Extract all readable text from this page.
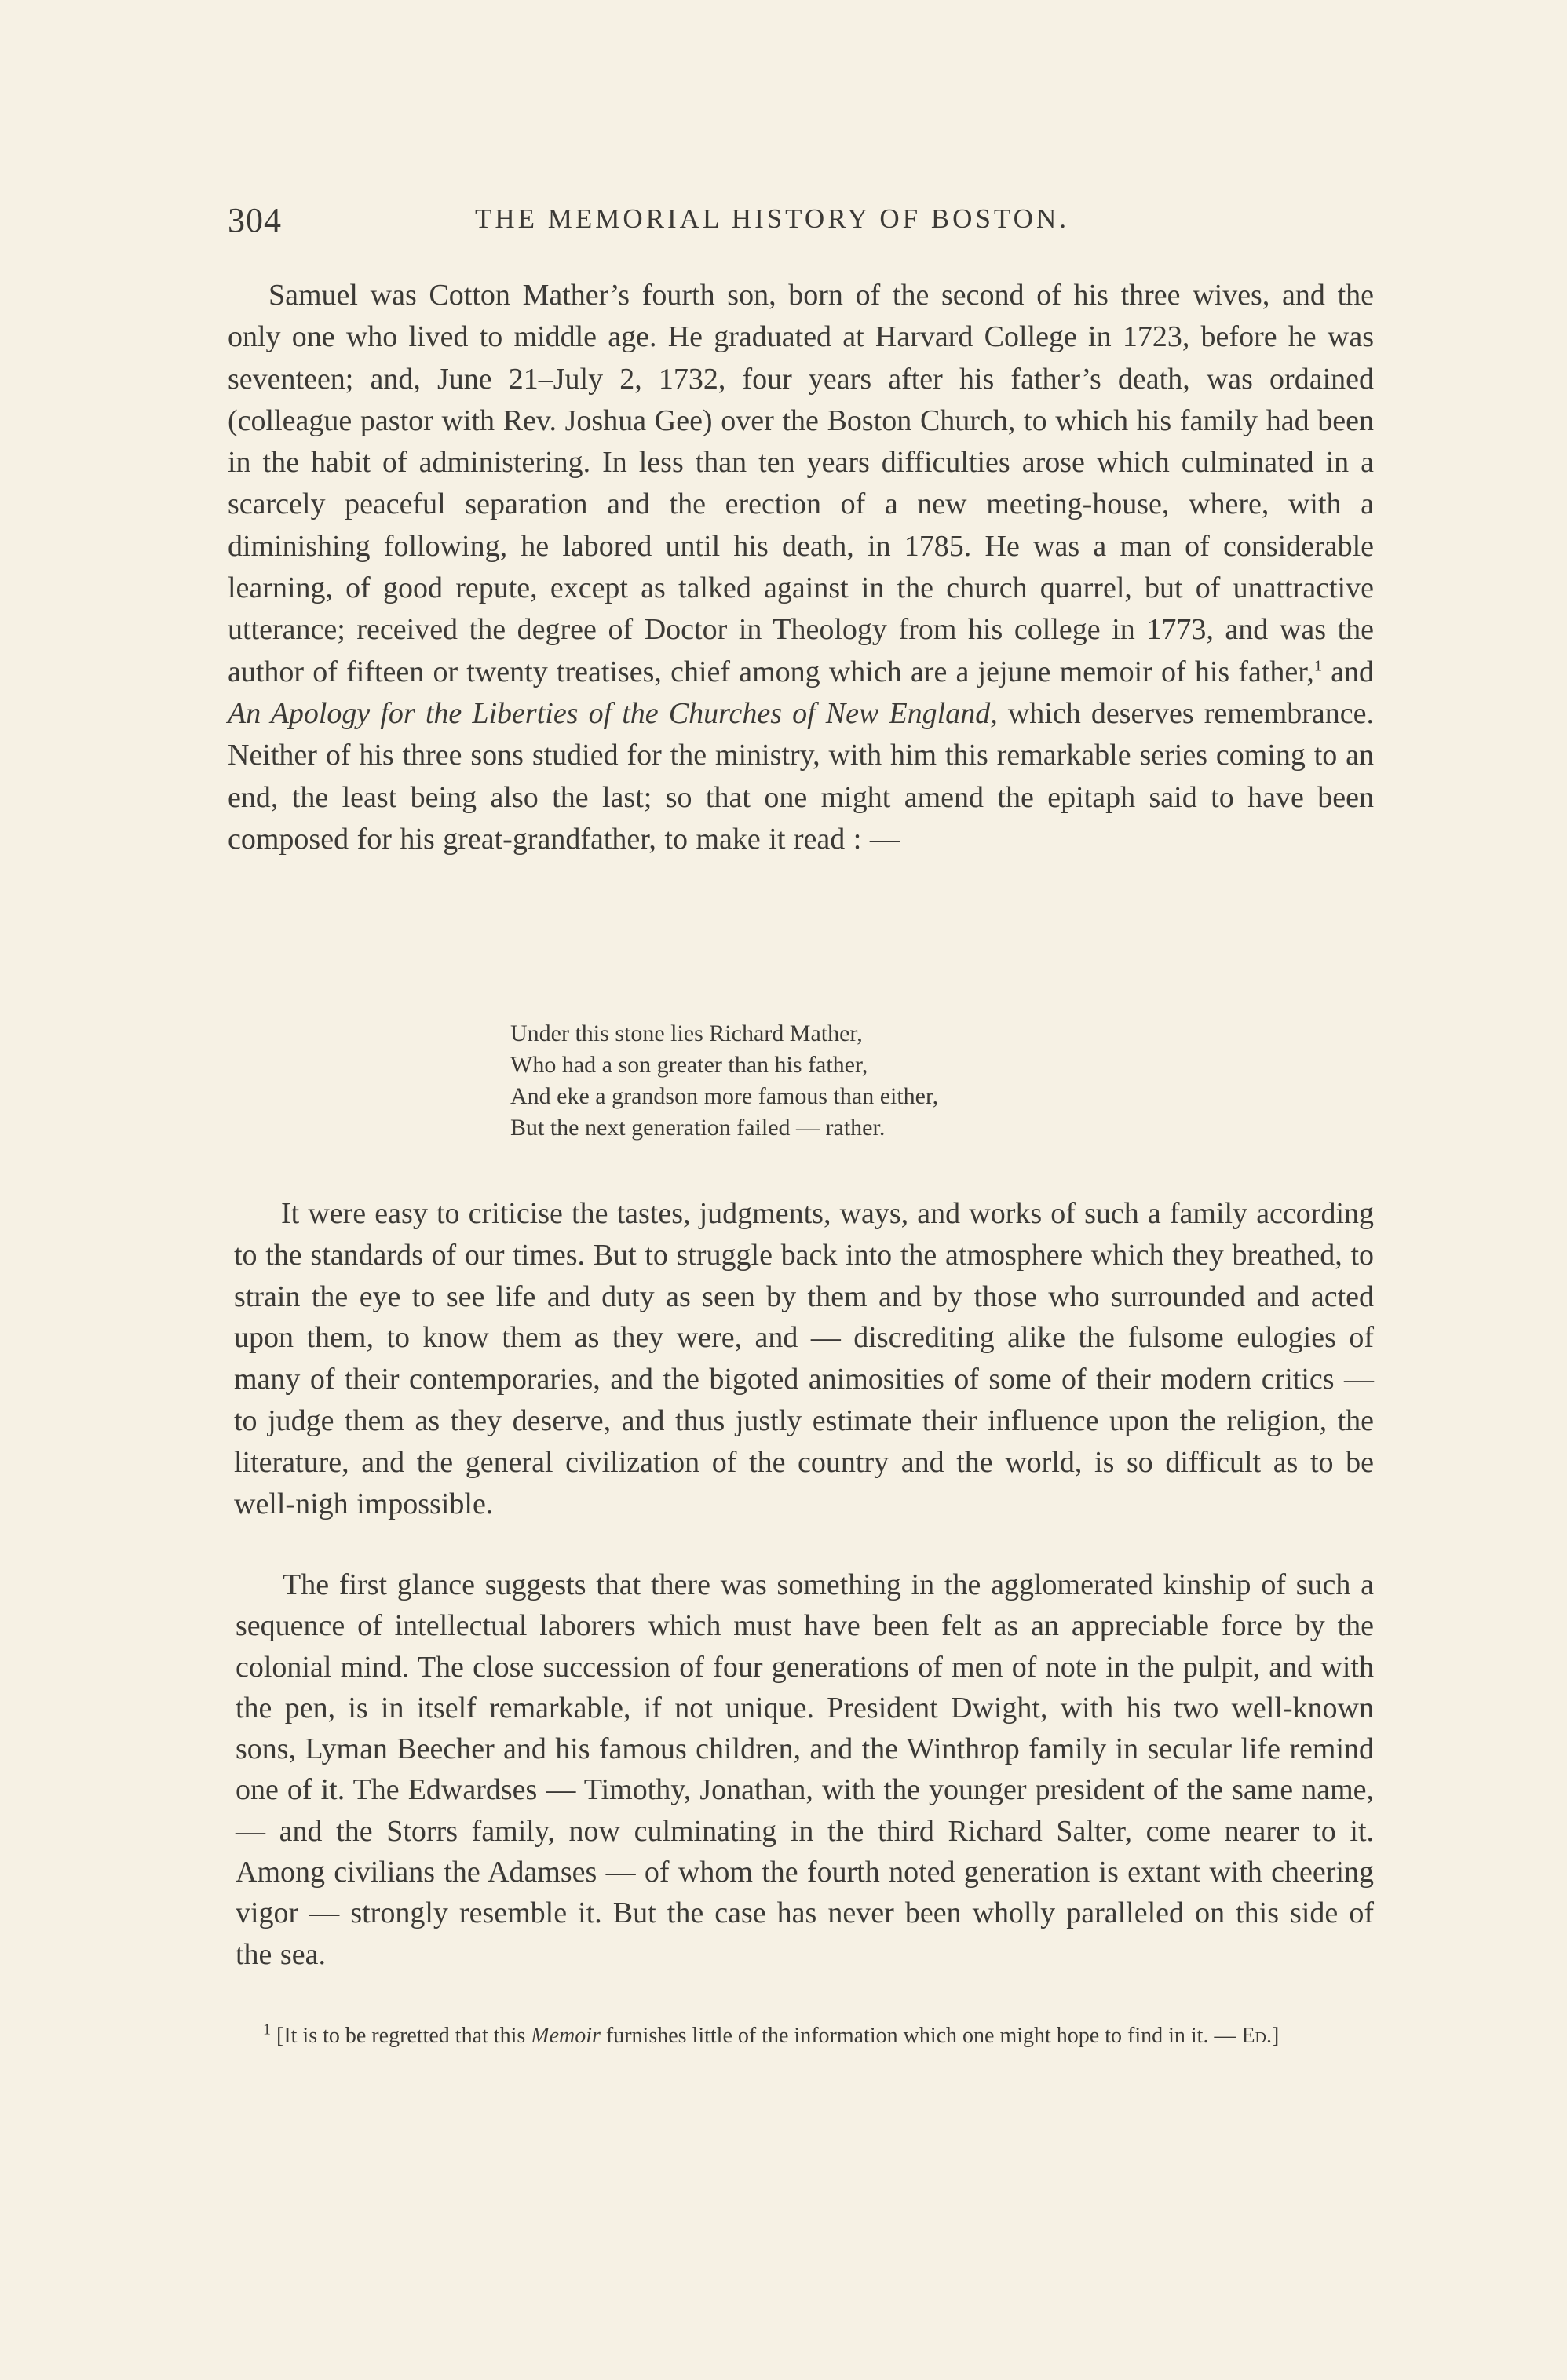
304	THE MEMORIAL HISTORY OF BOSTON.

Samuel was Cotton Mather’s fourth son, born of the second of his three wives, and the only one who lived to middle age. He graduated at Harvard College in 1723, before he was seventeen; and, June 21–July 2, 1732, four years after his father’s death, was ordained (colleague pastor with Rev. Joshua Gee) over the Boston Church, to which his family had been in the habit of administering. In less than ten years difficulties arose which culminated in a scarcely peaceful separation and the erection of a new meeting-house, where, with a diminishing following, he labored until his death, in 1785. He was a man of considerable learning, of good repute, except as talked against in the church quarrel, but of unattractive utterance; received the degree of Doctor in Theology from his college in 1773, and was the author of fifteen or twenty treatises, chief among which are a jejune memoir of his father,$^1$ and An Apology for the Liberties of the Churches of New England, which deserves remembrance. Neither of his three sons studied for the ministry, with him this remarkable series coming to an end, the least being also the last; so that one might amend the epitaph said to have been composed for his great-grandfather, to make it read : —

Under this stone lies Richard Mather,
Who had a son greater than his father,
And eke a grandson more famous than either,
But the next generation failed — rather.

It were easy to criticise the tastes, judgments, ways, and works of such a family according to the standards of our times. But to struggle back into the atmosphere which they breathed, to strain the eye to see life and duty as seen by them and by those who surrounded and acted upon them, to know them as they were, and — discrediting alike the fulsome eulogies of many of their contemporaries, and the bigoted animosities of some of their modern critics — to judge them as they deserve, and thus justly estimate their influence upon the religion, the literature, and the general civilization of the country and the world, is so difficult as to be well-nigh impossible.

The first glance suggests that there was something in the agglomerated kinship of such a sequence of intellectual laborers which must have been felt as an appreciable force by the colonial mind. The close succession of four generations of men of note in the pulpit, and with the pen, is in itself remarkable, if not unique. President Dwight, with his two well-known sons, Lyman Beecher and his famous children, and the Winthrop family in secular life remind one of it. The Edwardses — Timothy, Jonathan, with the younger president of the same name, — and the Storrs family, now culminating in the third Richard Salter, come nearer to it. Among civilians the Adamses — of whom the fourth noted generation is extant with cheering vigor — strongly resemble it. But the case has never been wholly paralleled on this side of the sea.

$^1$ [It is to be regretted that this Memoir furnishes little of the information which one might hope to find in it. — Ed.]
